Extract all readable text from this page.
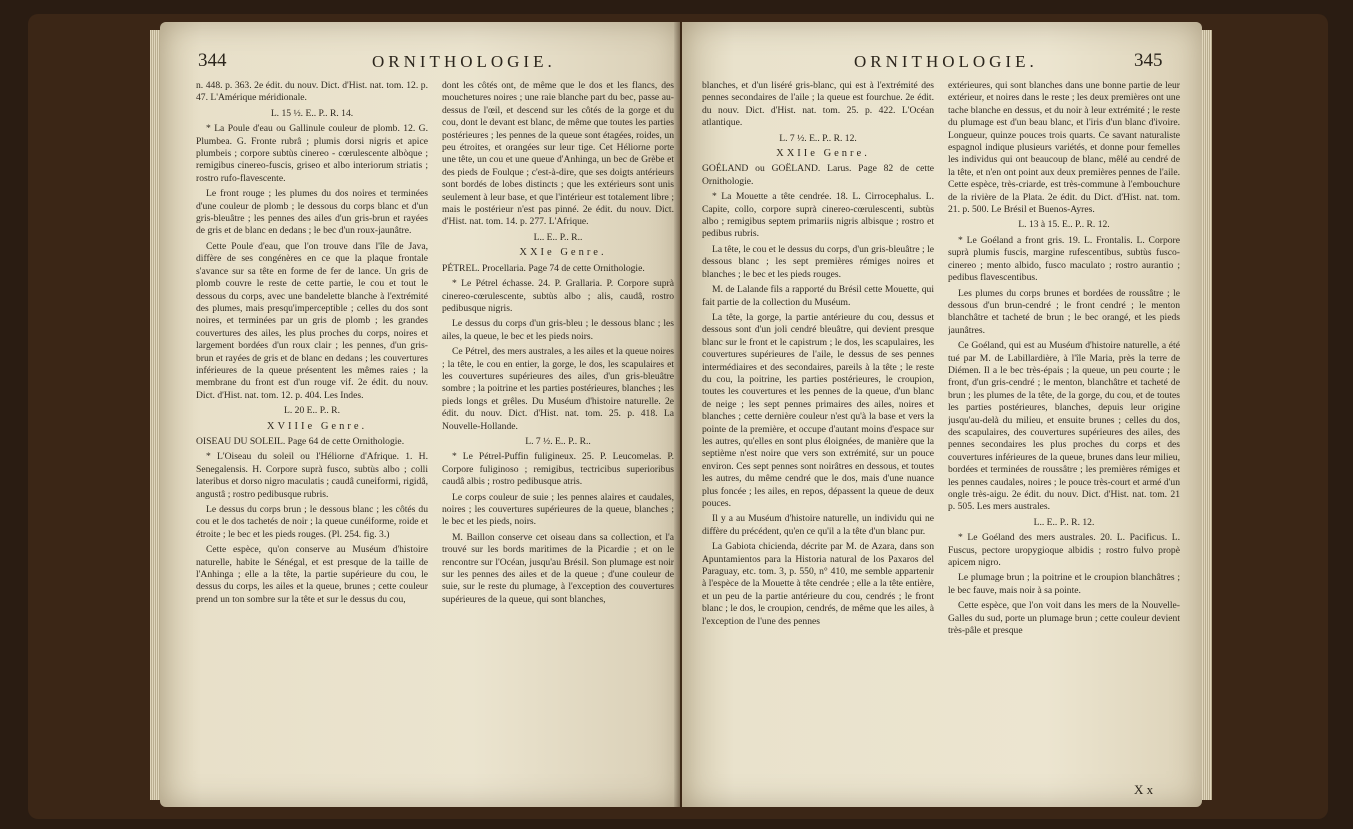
344	ORNITHOLOGIE.

n. 448. p. 363. 2e édit. du nouv. Dict. d'Hist. nat. tom. 12. p. 47. L'Amérique méridionale.

L. 15 ½. E.. P.. R. 14.

* La Poule d'eau ou Gallinule couleur de plomb. 12. G. Plumbea. G. Fronte rubrâ ; plumis dorsi nigris et apice plumbeis ; corpore subtùs cinereo - cœrulescente albòque ; remigibus cinereo-fuscis, griseo et albo interiorum striatis ; rostro rufo-flavescente.

Le front rouge ; les plumes du dos noires et terminées d'une couleur de plomb ; le dessous du corps blanc et d'un gris-bleuâtre ; les pennes des ailes d'un gris-brun et rayées de gris et de blanc en dedans ; le bec d'un roux-jaunâtre.

Cette Poule d'eau, que l'on trouve dans l'île de Java, diffère de ses congénères en ce que la plaque frontale s'avance sur sa tête en forme de fer de lance. Un gris de plomb couvre le reste de cette partie, le cou et tout le dessous du corps, avec une bandelette blanche à l'extrémité des plumes, mais presqu'imperceptible ; celles du dos sont noires, et terminées par un gris de plomb ; les grandes couvertures des ailes, les plus proches du corps, noires et largement bordées d'un roux clair ; les pennes, d'un gris-brun et rayées de gris et de blanc en dedans ; les couvertures inférieures de la queue présentent les mêmes raies ; la membrane du front est d'un rouge vif. 2e édit. du nouv. Dict. d'Hist. nat. tom. 12. p. 404. Les Indes.

L. 20 E.. P.. R.

XVIIIe Genre.

OISEAU DU SOLEIL. Page 64 de cette Ornithologie.

* L'Oiseau du soleil ou l'Héliorne d'Afrique. 1. H. Senegalensis. H. Corpore suprà fusco, subtùs albo ; colli lateribus et dorso nigro maculatis ; caudâ cuneiformi, rigidâ, angustâ ; rostro pedibusque rubris.

Le dessus du corps brun ; le dessous blanc ; les côtés du cou et le dos tachetés de noir ; la queue cunéiforme, roide et étroite ; le bec et les pieds rouges. (Pl. 254. fig. 3.)

Cette espèce, qu'on conserve au Muséum d'histoire naturelle, habite le Sénégal, et est presque de la taille de l'Anhinga ; elle a la tête, la partie supérieure du cou, le dessus du corps, les ailes et la queue, brunes ; cette couleur prend un ton sombre sur la tête et sur le dessus du cou,

dont les côtés ont, de même que le dos et les flancs, des mouchetures noires ; une raie blanche part du bec, passe au-dessus de l'œil, et descend sur les côtés de la gorge et du cou, dont le devant est blanc, de même que toutes les parties postérieures ; les pennes de la queue sont étagées, roides, un peu étroites, et orangées sur leur tige. Cet Héliorne porte une tête, un cou et une queue d'Anhinga, un bec de Grèbe et des pieds de Foulque ; c'est-à-dire, que ses doigts antérieurs sont bordés de lobes distincts ; que les extérieurs sont unis seulement à leur base, et que l'intérieur est totalement libre ; mais le postérieur n'est pas pinné. 2e édit. du nouv. Dict. d'Hist. nat. tom. 14. p. 277. L'Afrique.

L.. E.. P.. R..

XXIe Genre.

PÉTREL. Procellaria. Page 74 de cette Ornithologie.

* Le Pétrel échasse. 24. P. Grallaria. P. Corpore suprà cinereo-cœrulescente, subtùs albo ; alis, caudâ, rostro pedibusque nigris.

Le dessus du corps d'un gris-bleu ; le dessous blanc ; les ailes, la queue, le bec et les pieds noirs.

Ce Pétrel, des mers australes, a les ailes et la queue noires ; la tête, le cou en entier, la gorge, le dos, les scapulaires et les couvertures supérieures des ailes, d'un gris-bleuâtre sombre ; la poitrine et les parties postérieures, blanches ; les pieds longs et grêles. Du Muséum d'histoire naturelle. 2e édit. du nouv. Dict. d'Hist. nat. tom. 25. p. 418. La Nouvelle-Hollande.

L. 7 ½. E.. P.. R..

* Le Pétrel-Puffin fuligineux. 25. P. Leucomelas. P. Corpore fuliginoso ; remigibus, tectricibus superioribus caudâ albis ; rostro pedibusque atris.

Le corps couleur de suie ; les pennes alaires et caudales, noires ; les couvertures supérieures de la queue, blanches ; le bec et les pieds, noirs.

M. Baillon conserve cet oiseau dans sa collection, et l'a trouvé sur les bords maritimes de la Picardie ; et on le rencontre sur l'Océan, jusqu'au Brésil. Son plumage est noir sur les pennes des ailes et de la queue ; d'une couleur de suie, sur le reste du plumage, à l'exception des couvertures supérieures de la queue, qui sont blanches,

ORNITHOLOGIE.	345

blanches, et d'un liséré gris-blanc, qui est à l'extrémité des pennes secondaires de l'aile ; la queue est fourchue. 2e édit. du nouv. Dict. d'Hist. nat. tom. 25. p. 422. L'Océan atlantique.

L. 7 ½. E.. P.. R. 12.

XXIIe Genre.

GOÉLAND ou GOËLAND. Larus. Page 82 de cette Ornithologie.

* La Mouette a tête cendrée. 18. L. Cirrocephalus. L. Capite, collo, corpore suprà cinereo-cœrulescenti, subtùs albo ; remigibus septem primariis nigris albisque ; rostro et pedibus rubris.

La tête, le cou et le dessus du corps, d'un gris-bleuâtre ; le dessous blanc ; les sept premières rémiges noires et blanches ; le bec et les pieds rouges.

M. de Lalande fils a rapporté du Brésil cette Mouette, qui fait partie de la collection du Muséum.

La tête, la gorge, la partie antérieure du cou, dessus et dessous sont d'un joli cendré bleuâtre, qui devient presque blanc sur le front et le capistrum ; le dos, les scapulaires, les couvertures supérieures de l'aile, le dessus de ses pennes intermédiaires et des secondaires, pareils à la tête ; le reste du cou, la poitrine, les parties postérieures, le croupion, toutes les couvertures et les pennes de la queue, d'un blanc de neige ; les sept pennes primaires des ailes, noires et blanches ; cette dernière couleur n'est qu'à la base et vers la pointe de la première, et occupe d'autant moins d'espace sur les autres, qu'elles en sont plus éloignées, de manière que la septième n'est noire que vers son extrémité, sur un pouce environ. Ces sept pennes sont noirâtres en dessous, et toutes les autres, du même cendré que le dos, mais d'une nuance plus foncée ; les ailes, en repos, dépassent la queue de deux pouces.

Il y a au Muséum d'histoire naturelle, un individu qui ne diffère du précédent, qu'en ce qu'il a la tête d'un blanc pur.

La Gabiota chicienda, décrite par M. de Azara, dans son Apuntamientos para la Historia natural de los Paxaros del Paraguay, etc. tom. 3, p. 550, n° 410, me semble appartenir à l'espèce de la Mouette à tête cendrée ; elle a la tête entière, et un peu de la partie antérieure du cou, cendrés ; le front blanc ; le dos, le croupion, cendrés, de même que les ailes, à l'exception de l'une des pennes

extérieures, qui sont blanches dans une bonne partie de leur extérieur, et noires dans le reste ; les deux premières ont une tache blanche en dessus, et du noir à leur extrémité ; le reste du plumage est d'un beau blanc, et l'iris d'un blanc d'ivoire. Longueur, quinze pouces trois quarts. Ce savant naturaliste espagnol indique plusieurs variétés, et donne pour femelles les individus qui ont beaucoup de blanc, mêlé au cendré de la tête, et n'en ont point aux deux premières pennes de l'aile. Cette espèce, très-criarde, est très-commune à l'embouchure de la rivière de la Plata. 2e édit. du Dict. d'Hist. nat. tom. 21. p. 500. Le Brésil et Buenos-Ayres.

L. 13 à 15. E.. P.. R. 12.

* Le Goéland a front gris. 19. L. Frontalis. L. Corpore suprà plumis fuscis, margine rufescentibus, subtùs fusco-cinereo ; mento albido, fusco maculato ; rostro aurantio ; pedibus flavescentibus.

Les plumes du corps brunes et bordées de roussâtre ; le dessous d'un brun-cendré ; le front cendré ; le menton blanchâtre et tacheté de brun ; le bec orangé, et les pieds jaunâtres.

Ce Goéland, qui est au Muséum d'histoire naturelle, a été tué par M. de Labillardière, à l'île Maria, près la terre de Diémen. Il a le bec très-épais ; la queue, un peu courte ; le front, d'un gris-cendré ; le menton, blanchâtre et tacheté de brun ; les plumes de la tête, de la gorge, du cou, et de toutes les parties postérieures, blanches, depuis leur origine jusqu'au-delà du milieu, et ensuite brunes ; celles du dos, des scapulaires, des couvertures supérieures des ailes, des pennes secondaires les plus proches du corps et des couvertures inférieures de la queue, brunes dans leur milieu, bordées et terminées de roussâtre ; les premières rémiges et les pennes caudales, noires ; le pouce très-court et armé d'un ongle très-aigu. 2e édit. du nouv. Dict. d'Hist. nat. tom. 21 p. 505. Les mers australes.

L.. E.. P.. R. 12.

* Le Goéland des mers australes. 20. L. Pacificus. L. Fuscus, pectore uropygioque albidis ; rostro fulvo propè apicem nigro.

Le plumage brun ; la poitrine et le croupion blanchâtres ; le bec fauve, mais noir à sa pointe.

Cette espèce, que l'on voit dans les mers de la Nouvelle-Galles du sud, porte un plumage brun ; cette couleur devient très-pâle et presque

X x
